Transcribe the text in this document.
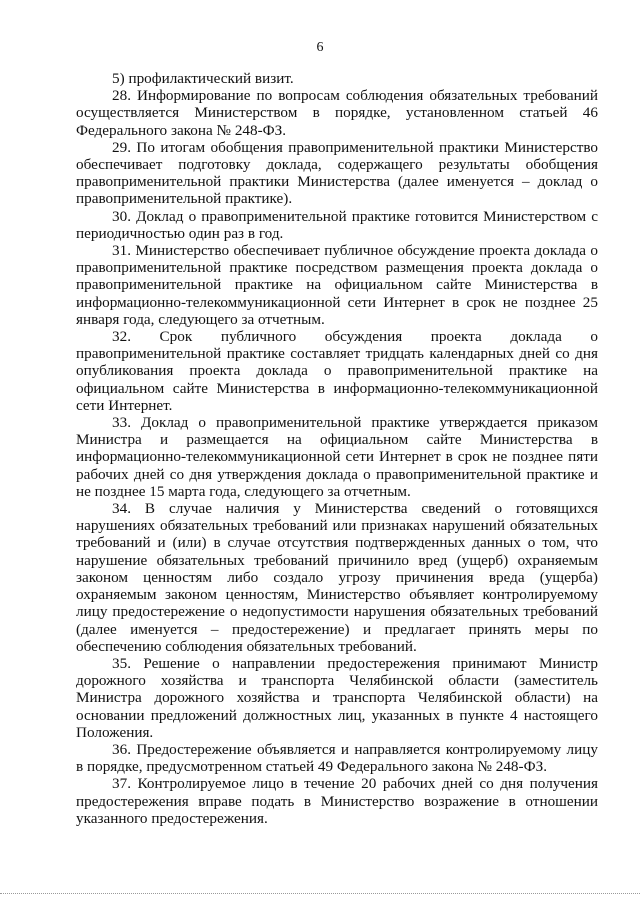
6

5) профилактический визит.

28. Информирование по вопросам соблюдения обязательных требований осуществляется Министерством в порядке, установленном статьей 46 Федерального закона № 248-ФЗ.

29. По итогам обобщения правоприменительной практики Министерство обеспечивает подготовку доклада, содержащего результаты обобщения правоприменительной практики Министерства (далее именуется – доклад о правоприменительной практике).

30. Доклад о правоприменительной практике готовится Министерством с периодичностью один раз в год.

31. Министерство обеспечивает публичное обсуждение проекта доклада о правоприменительной практике посредством размещения проекта доклада о правоприменительной практике на официальном сайте Министерства в информационно-телекоммуникационной сети Интернет в срок не позднее 25 января года, следующего за отчетным.

32. Срок публичного обсуждения проекта доклада о правоприменительной практике составляет тридцать календарных дней со дня опубликования проекта доклада о правоприменительной практике на официальном сайте Министерства в информационно-телекоммуникационной сети Интернет.

33. Доклад о правоприменительной практике утверждается приказом Министра и размещается на официальном сайте Министерства в информационно-телекоммуникационной сети Интернет в срок не позднее пяти рабочих дней со дня утверждения доклада о правоприменительной практике и не позднее 15 марта года, следующего за отчетным.

34. В случае наличия у Министерства сведений о готовящихся нарушениях обязательных требований или признаках нарушений обязательных требований и (или) в случае отсутствия подтвержденных данных о том, что нарушение обязательных требований причинило вред (ущерб) охраняемым законом ценностям либо создало угрозу причинения вреда (ущерба) охраняемым законом ценностям, Министерство объявляет контролируемому лицу предостережение о недопустимости нарушения обязательных требований (далее именуется – предостережение) и предлагает принять меры по обеспечению соблюдения обязательных требований.

35. Решение о направлении предостережения принимают Министр дорожного хозяйства и транспорта Челябинской области (заместитель Министра дорожного хозяйства и транспорта Челябинской области) на основании предложений должностных лиц, указанных в пункте 4 настоящего Положения.

36. Предостережение объявляется и направляется контролируемому лицу в порядке, предусмотренном статьей 49 Федерального закона № 248-ФЗ.

37. Контролируемое лицо в течение 20 рабочих дней со дня получения предостережения вправе подать в Министерство возражение в отношении указанного предостережения.
